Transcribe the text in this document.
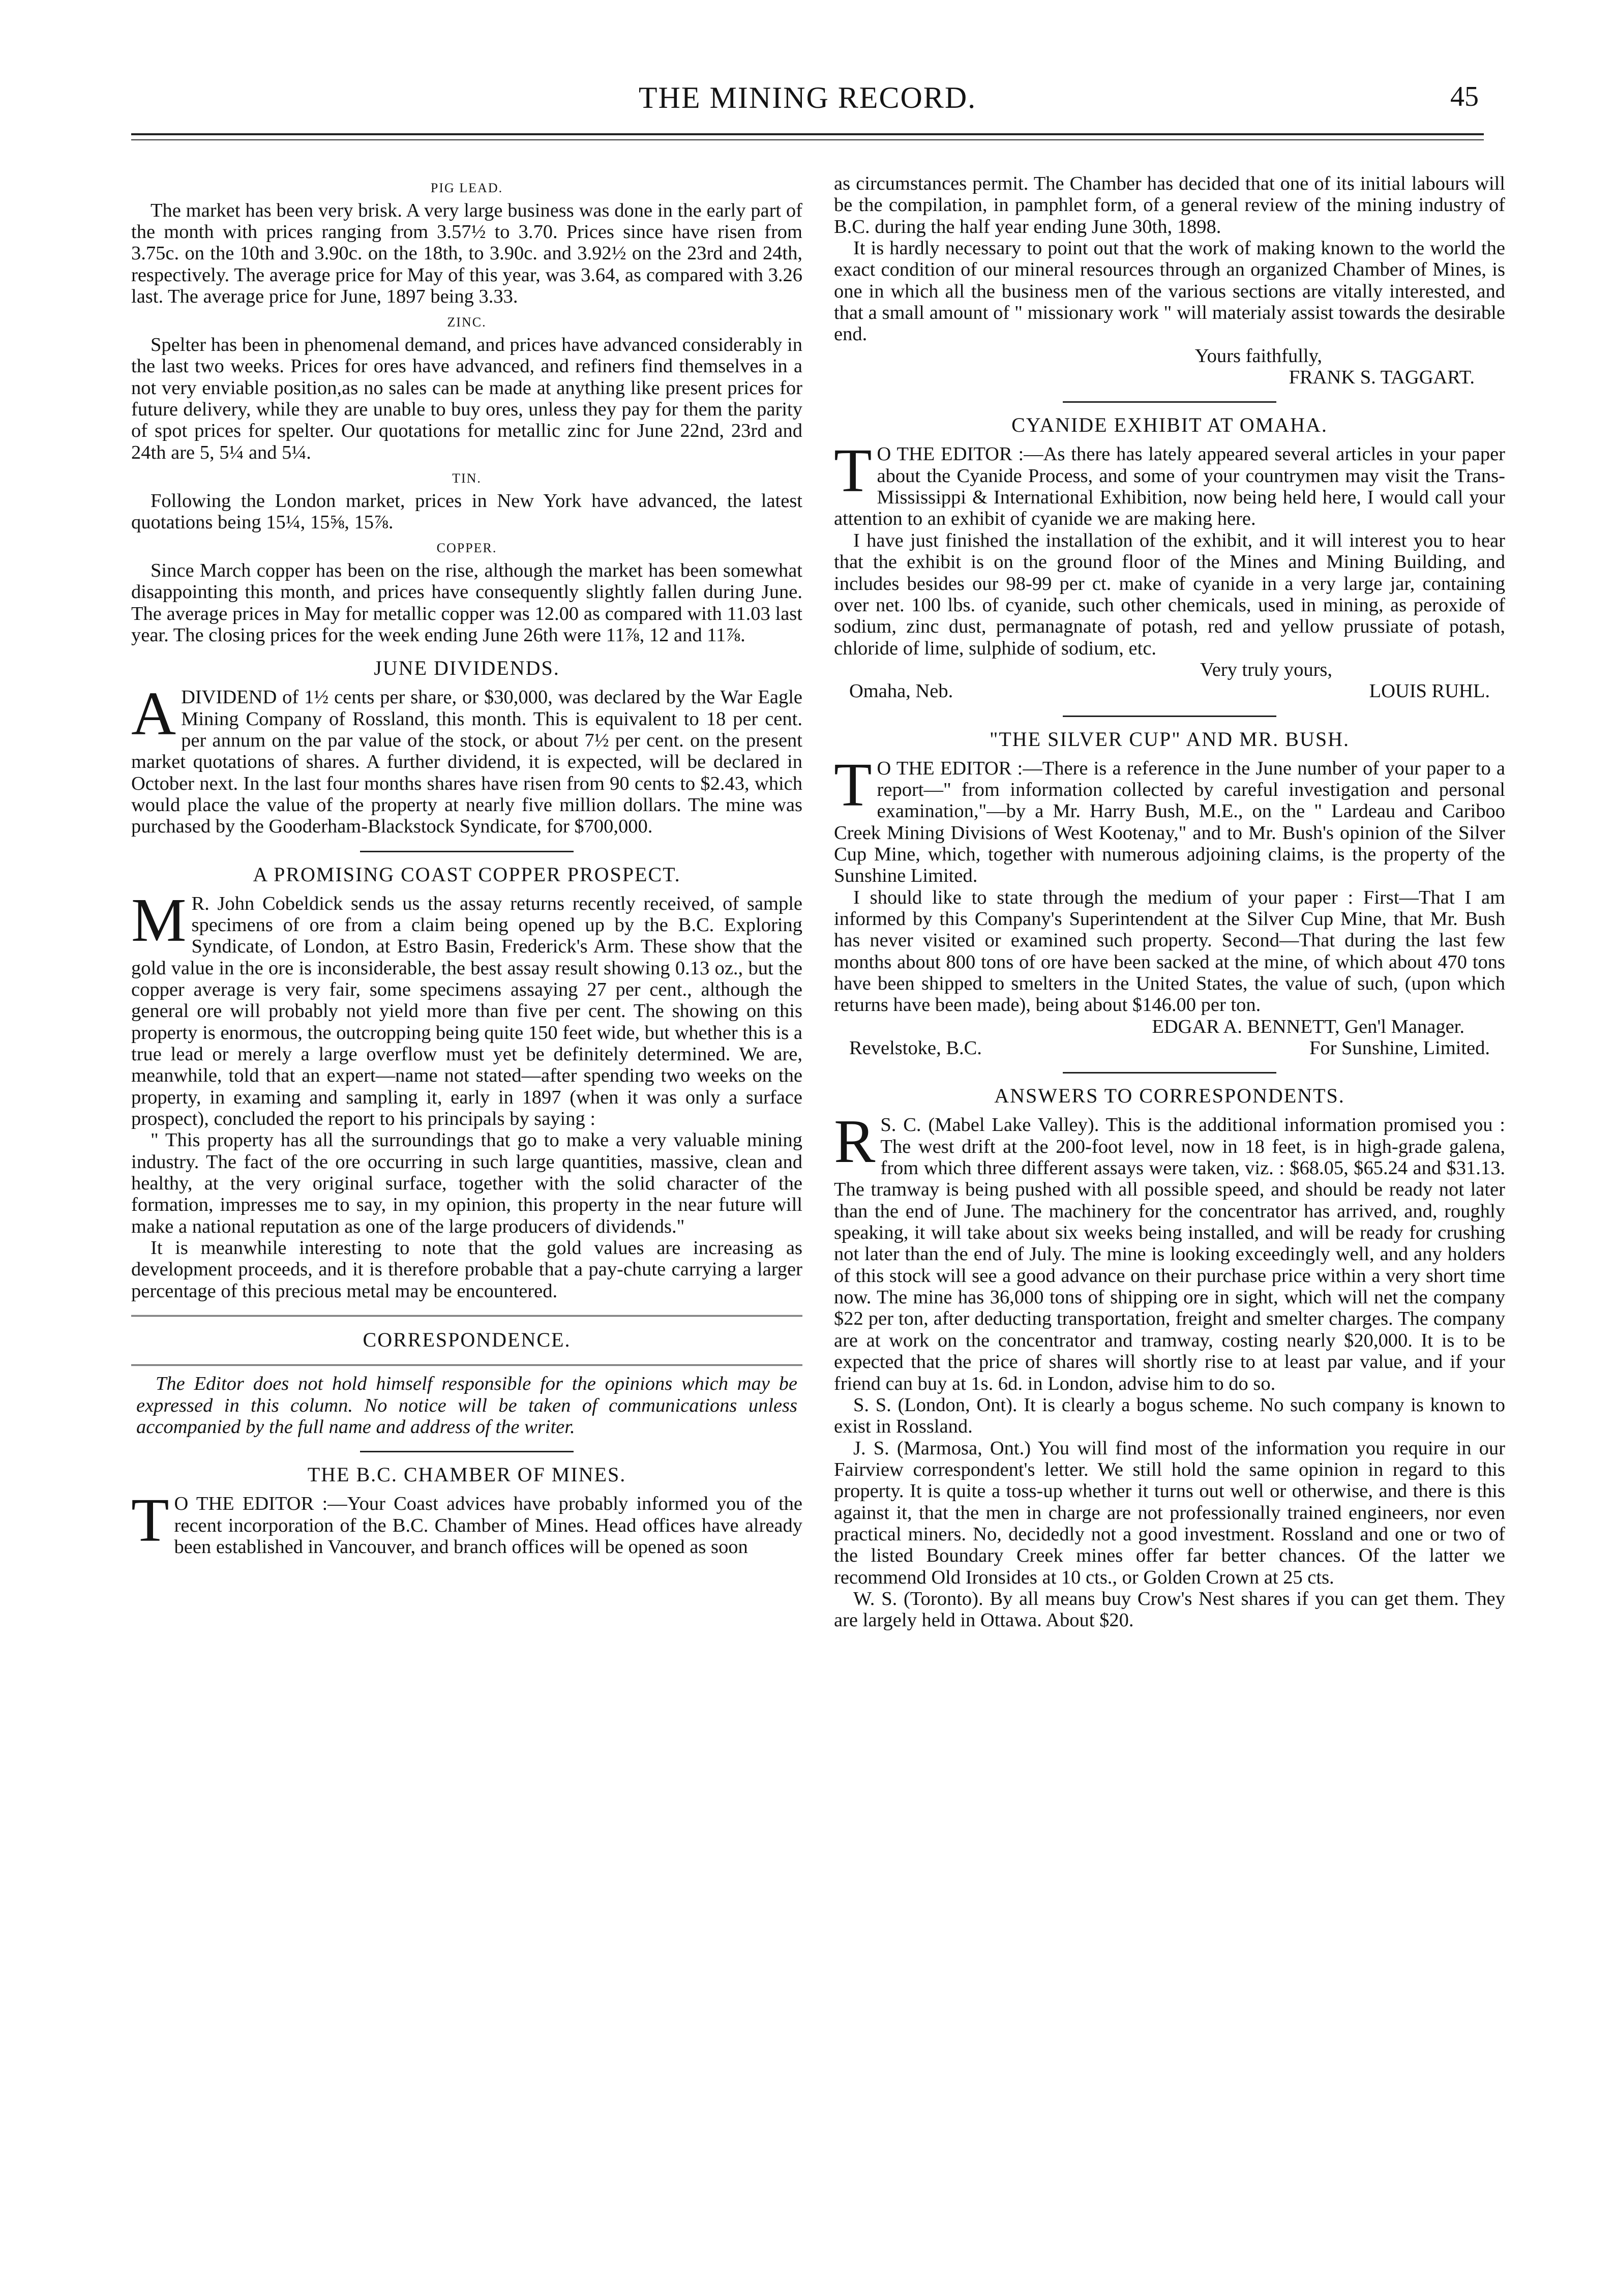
THE MINING RECORD.	45
PIG LEAD.

The market has been very brisk. A very large business was done in the early part of the month with prices ranging from 3.57½ to 3.70. Prices since have risen from 3.75c. on the 10th and 3.90c. on the 18th, to 3.90c. and 3.92½ on the 23rd and 24th, respectively. The average price for May of this year, was 3.64, as compared with 3.26 last. The average price for June, 1897 being 3.33.

ZINC.

Spelter has been in phenomenal demand, and prices have advanced considerably in the last two weeks. Prices for ores have advanced, and refiners find themselves in a not very enviable position,as no sales can be made at anything like present prices for future delivery, while they are unable to buy ores, unless they pay for them the parity of spot prices for spelter. Our quotations for metallic zinc for June 22nd, 23rd and 24th are 5, 5¼ and 5¼.

TIN.

Following the London market, prices in New York have advanced, the latest quotations being 15¼, 15⅝, 15⅞.

COPPER.

Since March copper has been on the rise, although the market has been somewhat disappointing this month, and prices have consequently slightly fallen during June. The average prices in May for metallic copper was 12.00 as compared with 11.03 last year. The closing prices for the week ending June 26th were 11⅞, 12 and 11⅞.

JUNE DIVIDENDS.

ADIVIDEND of 1½ cents per share, or $30,000, was declared by the War Eagle Mining Company of Rossland, this month. This is equivalent to 18 per cent. per annum on the par value of the stock, or about 7½ per cent. on the present market quotations of shares. A further dividend, it is expected, will be declared in October next. In the last four months shares have risen from 90 cents to $2.43, which would place the value of the property at nearly five million dollars. The mine was purchased by the Gooderham-Blackstock Syndicate, for $700,000.

A PROMISING COAST COPPER PROSPECT.

M R. John Cobeldick sends us the assay returns recently received, of sample specimens of ore from a claim being opened up by the B.C. Exploring Syndicate, of London, at Estro Basin, Frederick's Arm. These show that the gold value in the ore is inconsiderable, the best assay result showing 0.13 oz., but the copper average is very fair, some specimens assaying 27 per cent., although the general ore will probably not yield more than five per cent. The showing on this property is enormous, the outcropping being quite 150 feet wide, but whether this is a true lead or merely a large overflow must yet be definitely determined. We are, meanwhile, told that an expert—name not stated—after spending two weeks on the property, in examing and sampling it, early in 1897 (when it was only a surface prospect), concluded the report to his principals by saying :

" This property has all the surroundings that go to make a very valuable mining industry. The fact of the ore occurring in such large quantities, massive, clean and healthy, at the very original surface, together with the solid character of the formation, impresses me to say, in my opinion, this property in the near future will make a national reputation as one of the large producers of dividends."

It is meanwhile interesting to note that the gold values are increasing as development proceeds, and it is therefore probable that a pay-chute carrying a larger percentage of this precious metal may be encountered.

CORRESPONDENCE.

The Editor does not hold himself responsible for the opinions which may be expressed in this column. No notice will be taken of communications unless accompanied by the full name and address of the writer.

THE B.C. CHAMBER OF MINES.

T O THE EDITOR :—Your Coast advices have probably informed you of the recent incorporation of the B.C. Chamber of Mines. Head offices have already been established in Vancouver, and branch offices will be opened as soon

as circumstances permit. The Chamber has decided that one of its initial labours will be the compilation, in pamphlet form, of a general review of the mining industry of B.C. during the half year ending June 30th, 1898.

It is hardly necessary to point out that the work of making known to the world the exact condition of our mineral resources through an organized Chamber of Mines, is one in which all the business men of the various sections are vitally interested, and that a small amount of " missionary work " will materialy assist towards the desirable end.

Yours faithfully,
FRANK S. TAGGART.
CYANIDE EXHIBIT AT OMAHA.

T O THE EDITOR :—As there has lately appeared several articles in your paper about the Cyanide Process, and some of your countrymen may visit the Trans-Mississippi & International Exhibition, now being held here, I would call your attention to an exhibit of cyanide we are making here.

I have just finished the installation of the exhibit, and it will interest you to hear that the exhibit is on the ground floor of the Mines and Mining Building, and includes besides our 98-99 per ct. make of cyanide in a very large jar, containing over net. 100 lbs. of cyanide, such other chemicals, used in mining, as peroxide of sodium, zinc dust, permanagnate of potash, red and yellow prussiate of potash, chloride of lime, sulphide of sodium, etc.

Very truly yours,
Omaha, Neb.	LOUIS RUHL.
"THE SILVER CUP" AND MR. BUSH.

T O THE EDITOR :—There is a reference in the June number of your paper to a report—" from information collected by careful investigation and personal examination,"—by a Mr. Harry Bush, M.E., on the " Lardeau and Cariboo Creek Mining Divisions of West Kootenay," and to Mr. Bush's opinion of the Silver Cup Mine, which, together with numerous adjoining claims, is the property of the Sunshine Limited.

I should like to state through the medium of your paper : First—That I am informed by this Company's Superintendent at the Silver Cup Mine, that Mr. Bush has never visited or examined such property. Second—That during the last few months about 800 tons of ore have been sacked at the mine, of which about 470 tons have been shipped to smelters in the United States, the value of such, (upon which returns have been made), being about $146.00 per ton.

EDGAR A. BENNETT, Gen'l Manager.
Revelstoke, B.C.	For Sunshine, Limited.
ANSWERS TO CORRESPONDENTS.

R S. C. (Mabel Lake Valley). This is the additional information promised you : The west drift at the 200-foot level, now in 18 feet, is in high-grade galena, from which three different assays were taken, viz. : $68.05, $65.24 and $31.13. The tramway is being pushed with all possible speed, and should be ready not later than the end of June. The machinery for the concentrator has arrived, and, roughly speaking, it will take about six weeks being installed, and will be ready for crushing not later than the end of July. The mine is looking exceedingly well, and any holders of this stock will see a good advance on their purchase price within a very short time now. The mine has 36,000 tons of shipping ore in sight, which will net the company $22 per ton, after deducting transportation, freight and smelter charges. The company are at work on the concentrator and tramway, costing nearly $20,000. It is to be expected that the price of shares will shortly rise to at least par value, and if your friend can buy at 1s. 6d. in London, advise him to do so.

S. S. (London, Ont). It is clearly a bogus scheme. No such company is known to exist in Rossland.

J. S. (Marmosa, Ont.) You will find most of the information you require in our Fairview correspondent's letter. We still hold the same opinion in regard to this property. It is quite a toss-up whether it turns out well or otherwise, and there is this against it, that the men in charge are not professionally trained engineers, nor even practical miners. No, decidedly not a good investment. Rossland and one or two of the listed Boundary Creek mines offer far better chances. Of the latter we recommend Old Ironsides at 10 cts., or Golden Crown at 25 cts.

W. S. (Toronto). By all means buy Crow's Nest shares if you can get them. They are largely held in Ottawa. About $20.
